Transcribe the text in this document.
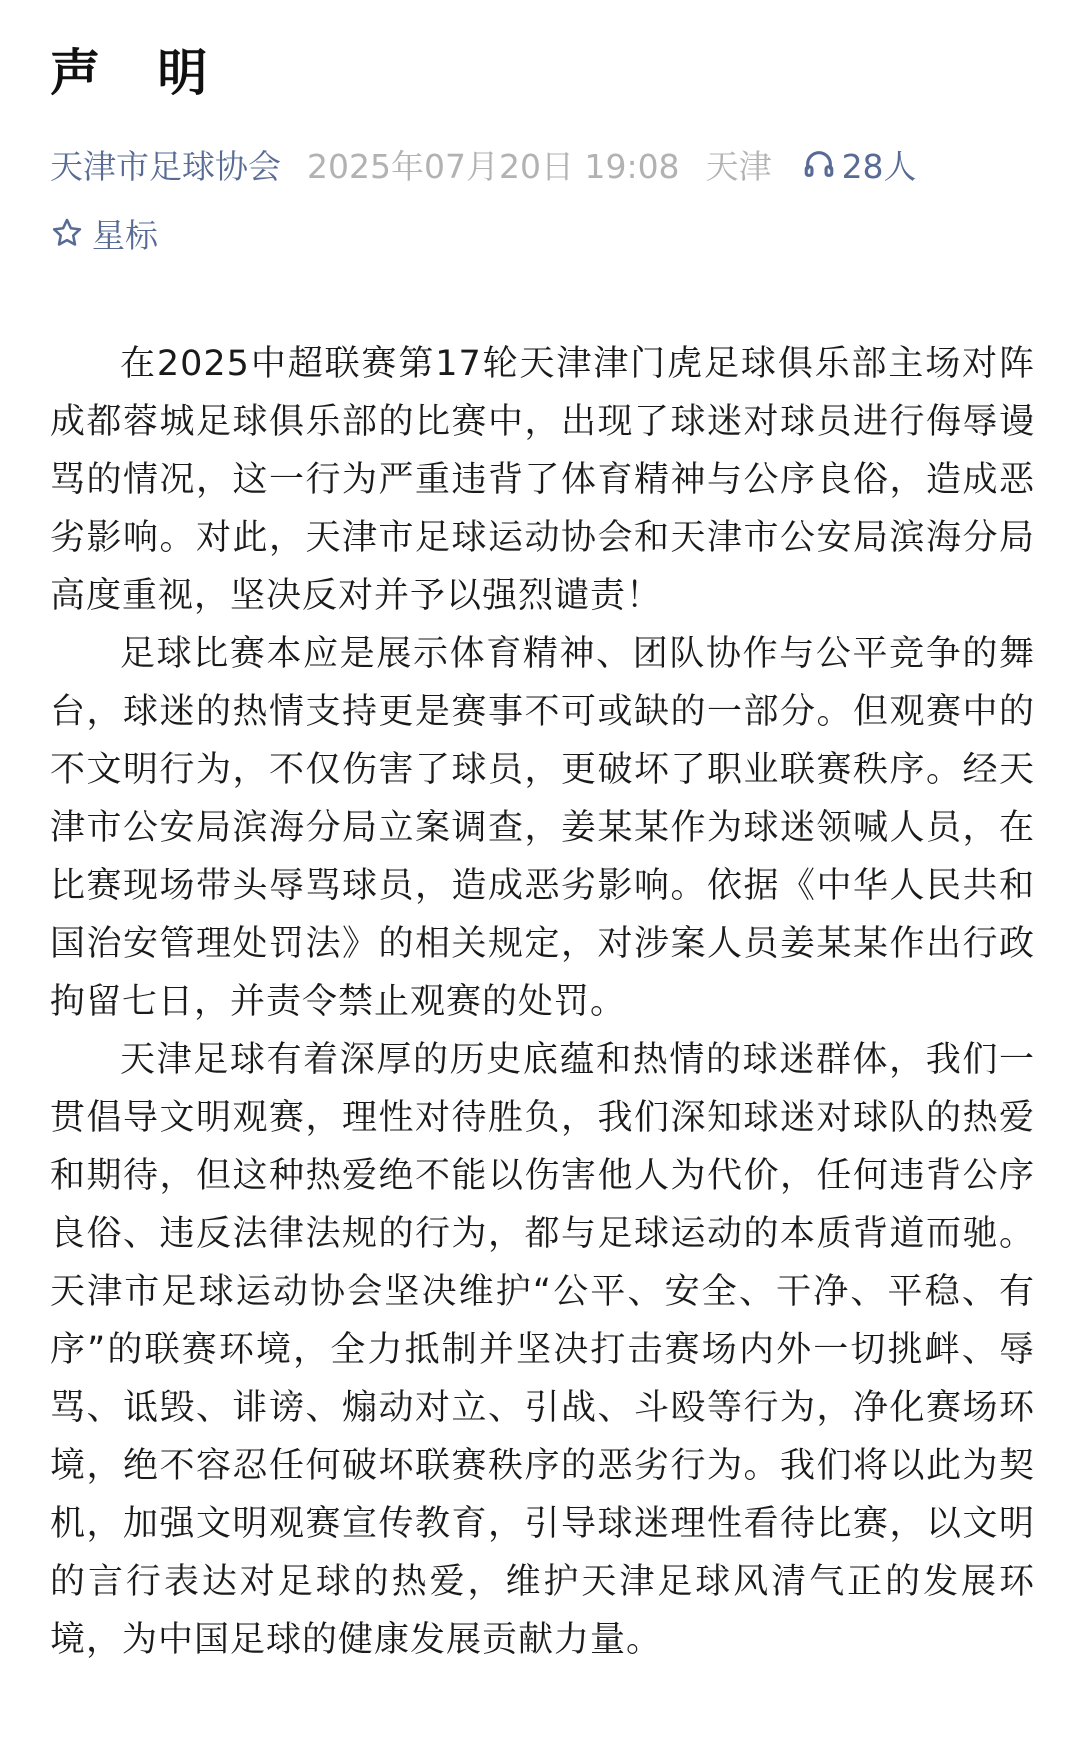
声 明
天津市足球协会 2025年07月20日 19:08 天津 28人
星标

在2025中超联赛第17轮天津津门虎足球俱乐部主场对阵成都蓉城足球俱乐部的比赛中，出现了球迷对球员进行侮辱谩骂的情况，这一行为严重违背了体育精神与公序良俗，造成恶劣影响。对此，天津市足球运动协会和天津市公安局滨海分局高度重视，坚决反对并予以强烈谴责！

足球比赛本应是展示体育精神、团队协作与公平竞争的舞台，球迷的热情支持更是赛事不可或缺的一部分。但观赛中的不文明行为，不仅伤害了球员，更破坏了职业联赛秩序。经天津市公安局滨海分局立案调查，姜某某作为球迷领喊人员，在比赛现场带头辱骂球员，造成恶劣影响。依据《中华人民共和国治安管理处罚法》的相关规定，对涉案人员姜某某作出行政拘留七日，并责令禁止观赛的处罚。

天津足球有着深厚的历史底蕴和热情的球迷群体，我们一贯倡导文明观赛，理性对待胜负，我们深知球迷对球队的热爱和期待，但这种热爱绝不能以伤害他人为代价，任何违背公序良俗、违反法律法规的行为，都与足球运动的本质背道而驰。天津市足球运动协会坚决维护“公平、安全、干净、平稳、有序”的联赛环境，全力抵制并坚决打击赛场内外一切挑衅、辱骂、诋毁、诽谤、煽动对立、引战、斗殴等行为，净化赛场环境，绝不容忍任何破坏联赛秩序的恶劣行为。我们将以此为契机，加强文明观赛宣传教育，引导球迷理性看待比赛，以文明的言行表达对足球的热爱，维护天津足球风清气正的发展环境，为中国足球的健康发展贡献力量。
